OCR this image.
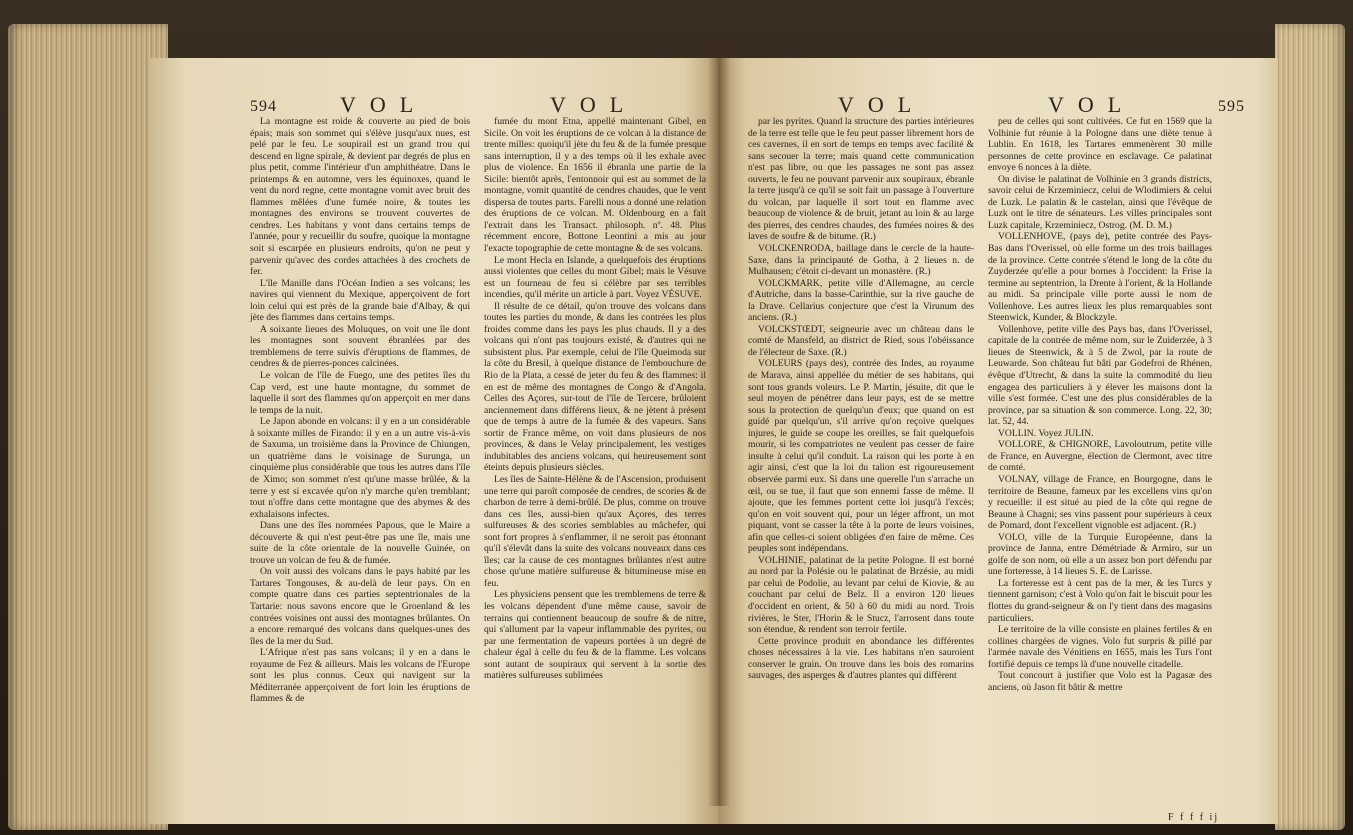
594	VOL	VOL

La montagne est roide & couverte au pied de bois épais; mais son sommet qui s'élève jusqu'aux nues, est pelé par le feu. Le soupirail est un grand trou qui descend en ligne spirale, & devient par degrés de plus en plus petit, comme l'intérieur d'un amphithéatre. Dans le printemps & en automne, vers les équinoxes, quand le vent du nord regne, cette montagne vomit avec bruit des flammes mêlées d'une fumée noire, & toutes les montagnes des environs se trouvent couvertes de cendres. Les habitans y vont dans certains temps de l'année, pour y recueillir du soufre, quoique la montagne soit si escarpée en plusieurs endroits, qu'on ne peut y parvenir qu'avec des cordes attachées à des crochets de fer.

L'île Manille dans l'Océan Indien a ses volcans; les navires qui viennent du Mexique, apperçoivent de fort loin celui qui est près de la grande baie d'Albay, & qui jète des flammes dans certains temps.

A soixante lieues des Moluques, on voit une île dont les montagnes sont souvent ébranlées par des tremblemens de terre suivis d'éruptions de flammes, de cendres & de pierres-ponces calcinées.

Le volcan de l'île de Fuego, une des petites îles du Cap verd, est une haute montagne, du sommet de laquelle il sort des flammes qu'on apperçoit en mer dans le temps de la nuit.

Le Japon abonde en volcans: il y en a un considérable à soixante milles de Firando: il y en a un autre vis-à-vis de Saxuma, un troisième dans la Province de Chiungen, un quatrième dans le voisinage de Surunga, un cinquième plus considérable que tous les autres dans l'île de Ximo; son sommet n'est qu'une masse brûlée, & la terre y est si excavée qu'on n'y marche qu'en tremblant; tout n'offre dans cette montagne que des abymes & des exhalaisons infectes.

Dans une des îles nommées Papous, que le Maire a découverte & qui n'est peut-être pas une île, mais une suite de la côte orientale de la nouvelle Guinée, on trouve un volcan de feu & de fumée.

On voit aussi des volcans dans le pays habité par les Tartares Tongouses, & au-delà de leur pays. On en compte quatre dans ces parties septentrionales de la Tartarie: nous savons encore que le Groenland & les contrées voisines ont aussi des montagnes brûlantes. On a encore remarqué des volcans dans quelques-unes des îles de la mer du Sud.

L'Afrique n'est pas sans volcans; il y en a dans le royaume de Fez & ailleurs. Mais les volcans de l'Europe sont les plus connus. Ceux qui navigent sur la Méditerranée apperçoivent de fort loin les éruptions de flammes & de

fumée du mont Etna, appellé maintenant Gibel, en Sicile. On voit les éruptions de ce volcan à la distance de trente milles: quoiqu'il jète du feu & de la fumée presque sans interruption, il y a des temps où il les exhale avec plus de violence. En 1656 il ébranla une partie de la Sicile: bientôt après, l'entonnoir qui est au sommet de la montagne, vomit quantité de cendres chaudes, que le vent dispersa de toutes parts. Farelli nous a donné une relation des éruptions de ce volcan. M. Oldenbourg en a fait l'extrait dans les Transact. philosoph. nº. 48. Plus récemment encore, Bottone Leontini a mis au jour l'exacte topographie de cette montagne & de ses volcans.

Le mont Hecla en Islande, a quelquefois des éruptions aussi violentes que celles du mont Gibel; mais le Vésuve est un fourneau de feu si célèbre par ses terribles incendies, qu'il mérite un article à part. Voyez VÉSUVE.

Il résulte de ce détail, qu'on trouve des volcans dans toutes les parties du monde, & dans les contrées les plus froides comme dans les pays les plus chauds. Il y a des volcans qui n'ont pas toujours existé, & d'autres qui ne subsistent plus. Par exemple, celui de l'île Queimoda sur la côte du Bresil, à quelque distance de l'embouchure de Rio de la Plata, a cessé de jeter du feu & des flammes: il en est de même des montagnes de Congo & d'Angola. Celles des Açores, sur-tout de l'île de Tercere, brûloient anciennement dans différens lieux, & ne jètent à présent que de temps à autre de la fumée & des vapeurs. Sans sortir de France même, on voit dans plusieurs de nos provinces, & dans le Velay principalement, les vestiges indubitables des anciens volcans, qui heureusement sont éteints depuis plusieurs siècles.

Les îles de Sainte-Hélène & de l'Ascension, produisent une terre qui paroît composée de cendres, de scories & de charbon de terre à demi-brûlé. De plus, comme on trouve dans ces îles, aussi-bien qu'aux Açores, des terres sulfureuses & des scories semblables au mâchefer, qui sont fort propres à s'enflammer, il ne seroit pas étonnant qu'il s'élevât dans la suite des volcans nouveaux dans ces îles; car la cause de ces montagnes brûlantes n'est autre chose qu'une matière sulfureuse & bitumineuse mise en feu.

Les physiciens pensent que les tremblemens de terre & les volcans dépendent d'une même cause, savoir de terrains qui contiennent beaucoup de soufre & de nitre, qui s'allument par la vapeur inflammable des pyrites, ou par une fermentation de vapeurs portées à un degré de chaleur égal à celle du feu & de la flamme. Les volcans sont autant de soupiraux qui servent à la sortie des matières sulfureuses sublimées

VOL	VOL	595

par les pyrites. Quand la structure des parties intérieures de la terre est telle que le feu peut passer librement hors de ces cavernes, il en sort de temps en temps avec facilité & sans secouer la terre; mais quand cette communication n'est pas libre, ou que les passages ne sont pas assez ouverts, le feu ne pouvant parvenir aux soupiraux, ébranle la terre jusqu'à ce qu'il se soit fait un passage à l'ouverture du volcan, par laquelle il sort tout en flamme avec beaucoup de violence & de bruit, jetant au loin & au large des pierres, des cendres chaudes, des fumées noires & des laves de soufre & de bitume. (R.)

VOLCKENRODA, baillage dans le cercle de la haute-Saxe, dans la principauté de Gotha, à 2 lieues n. de Mulhausen; c'étoit ci-devant un monastère. (R.)

VOLCKMARK, petite ville d'Allemagne, au cercle d'Autriche, dans la basse-Carinthie, sur la rive gauche de la Drave. Cellarius conjecture que c'est la Virunum des anciens. (R.)

VOLCKSTŒDT, seigneurie avec un château dans le comté de Mansfeld, au district de Ried, sous l'obéissance de l'électeur de Saxe. (R.)

VOLEURS (pays des), contrée des Indes, au royaume de Marava, ainsi appellée du métier de ses habitans, qui sont tous grands voleurs. Le P. Martin, jésuite, dit que le seul moyen de pénétrer dans leur pays, est de se mettre sous la protection de quelqu'un d'eux; que quand on est guidé par quelqu'un, s'il arrive qu'on reçoive quelques injures, le guide se coupe les oreilles, se fait quelquefois mourir, si les compatriotes ne veulent pas cesser de faire insulte à celui qu'il conduit. La raison qui les porte à en agir ainsi, c'est que la loi du talion est rigoureusement observée parmi eux. Si dans une querelle l'un s'arrache un œil, ou se tue, il faut que son ennemi fasse de même. Il ajoute, que les femmes portent cette loi jusqu'à l'excès; qu'on en voit souvent qui, pour un léger affront, un mot piquant, vont se casser la tête à la porte de leurs voisines, afin que celles-ci soient obligées d'en faire de même. Ces peuples sont indépendans.

VOLHINIE, palatinat de la petite Pologne. Il est borné au nord par la Polésie ou le palatinat de Brzésie, au midi par celui de Podolie, au levant par celui de Kiovie, & au couchant par celui de Belz. Il a environ 120 lieues d'occident en orient, & 50 à 60 du midi au nord. Trois rivières, le Ster, l'Horin & le Stucz, l'arrosent dans toute son étendue, & rendent son terroir fertile.

Cette province produit en abondance les différentes choses nécessaires à la vie. Les habitans n'en sauroient conserver le grain. On trouve dans les bois des romarins sauvages, des asperges & d'autres plantes qui diffèrent

peu de celles qui sont cultivées. Ce fut en 1569 que la Volhinie fut réunie à la Pologne dans une diète tenue à Lublin. En 1618, les Tartares emmenèrent 30 mille personnes de cette province en esclavage. Ce palatinat envoye 6 nonces à la diète.

On divise le palatinat de Volhinie en 3 grands districts, savoir celui de Krzeminiecz, celui de Wlodimiers & celui de Luzk. Le palatin & le castelan, ainsi que l'évêque de Luzk ont le titre de sénateurs. Les villes principales sont Luzk capitale, Krzeminiecz, Ostrog. (M. D. M.)

VOLLENHOVE, (pays de), petite contrée des Pays-Bas dans l'Overissel, où elle forme un des trois baillages de la province. Cette contrée s'étend le long de la côte du Zuyderzée qu'elle a pour bornes à l'occident: la Frise la termine au septentrion, la Drente à l'orient, & la Hollande au midi. Sa principale ville porte aussi le nom de Vollenhove. Les autres lieux les plus remarquables sont Steenwick, Kunder, & Blockzyle.

Vollenhove, petite ville des Pays bas, dans l'Overissel, capitale de la contrée de même nom, sur le Zuiderzée, à 3 lieues de Steenwick, & à 5 de Zwol, par la route de Leuwarde. Son château fut bâti par Godefroi de Rhénen, évêque d'Utrecht, & dans la suite la commodité du lieu engagea des particuliers à y élever les maisons dont la ville s'est formée. C'est une des plus considérables de la province, par sa situation & son commerce. Long. 22, 30; lat. 52, 44.

VOLLIN. Voyez JULIN.

VOLLORE, & CHIGNORE, Lavoloutrum, petite ville de France, en Auvergne, élection de Clermont, avec titre de comté.

VOLNAY, village de France, en Bourgogne, dans le territoire de Beaune, fameux par les excellens vins qu'on y recueille: il est situé au pied de la côte qui regne de Beaune à Chagni; ses vins passent pour supérieurs à ceux de Pomard, dont l'excellent vignoble est adjacent. (R.)

VOLO, ville de la Turquie Européenne, dans la province de Janna, entre Démétriade & Armiro, sur un golfe de son nom, où elle a un assez bon port défendu par une forteresse, à 14 lieues S. E. de Larisse.

La forteresse est à cent pas de la mer, & les Turcs y tiennent garnison; c'est à Volo qu'on fait le biscuit pour les flottes du grand-seigneur & on l'y tient dans des magasins particuliers.

Le territoire de la ville consiste en plaines fertiles & en collines chargées de vignes. Volo fut surpris & pillé par l'armée navale des Vénitiens en 1655, mais les Turs l'ont fortifié depuis ce temps là d'une nouvelle citadelle.

Tout concourt à justifier que Volo est la Pagasæ des anciens, où Jason fit bâtir & mettre

F f f f ij
